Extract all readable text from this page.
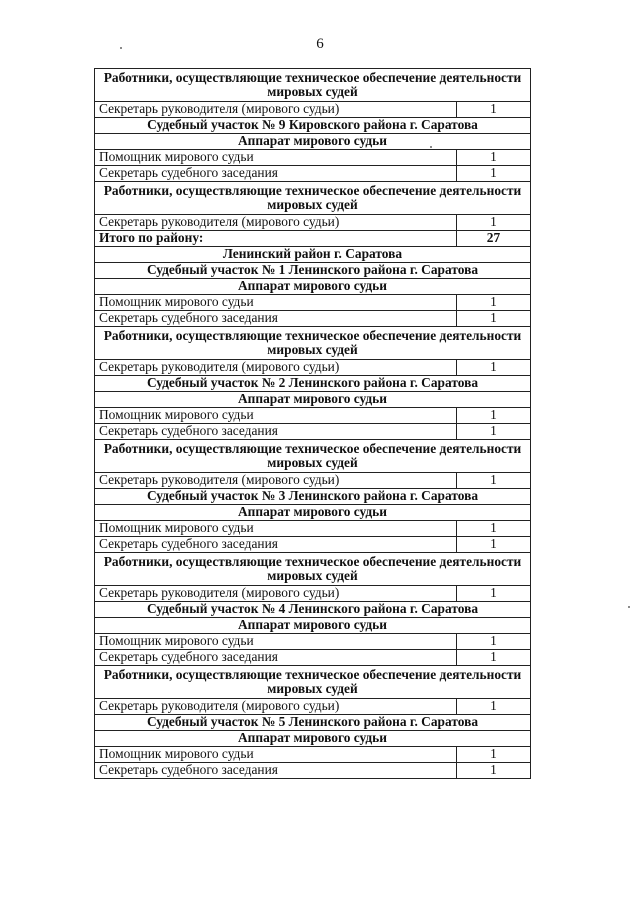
6
Работники, осуществляющие техническое обеспечение деятельности мировых судей	
Секретарь руководителя (мирового судьи)	1
Судебный участок № 9 Кировского района г. Саратова	
Аппарат мирового судьи	
Помощник мирового судьи	1
Секретарь судебного заседания	1
Работники, осуществляющие техническое обеспечение деятельности мировых судей	
Секретарь руководителя (мирового судьи)	1
Итого по району:	27
Ленинский район г. Саратова	
Судебный участок № 1 Ленинского района г. Саратова	
Аппарат мирового судьи	
Помощник мирового судьи	1
Секретарь судебного заседания	1
Работники, осуществляющие техническое обеспечение деятельности мировых судей	
Секретарь руководителя (мирового судьи)	1
Судебный участок № 2 Ленинского района г. Саратова	
Аппарат мирового судьи	
Помощник мирового судьи	1
Секретарь судебного заседания	1
Работники, осуществляющие техническое обеспечение деятельности мировых судей	
Секретарь руководителя (мирового судьи)	1
Судебный участок № 3 Ленинского района г. Саратова	
Аппарат мирового судьи	
Помощник мирового судьи	1
Секретарь судебного заседания	1
Работники, осуществляющие техническое обеспечение деятельности мировых судей	
Секретарь руководителя (мирового судьи)	1
Судебный участок № 4 Ленинского района г. Саратова	
Аппарат мирового судьи	
Помощник мирового судьи	1
Секретарь судебного заседания	1
Работники, осуществляющие техническое обеспечение деятельности мировых судей	
Секретарь руководителя (мирового судьи)	1
Судебный участок № 5 Ленинского района г. Саратова	
Аппарат мирового судьи	
Помощник мирового судьи	1
Секретарь судебного заседания	1
